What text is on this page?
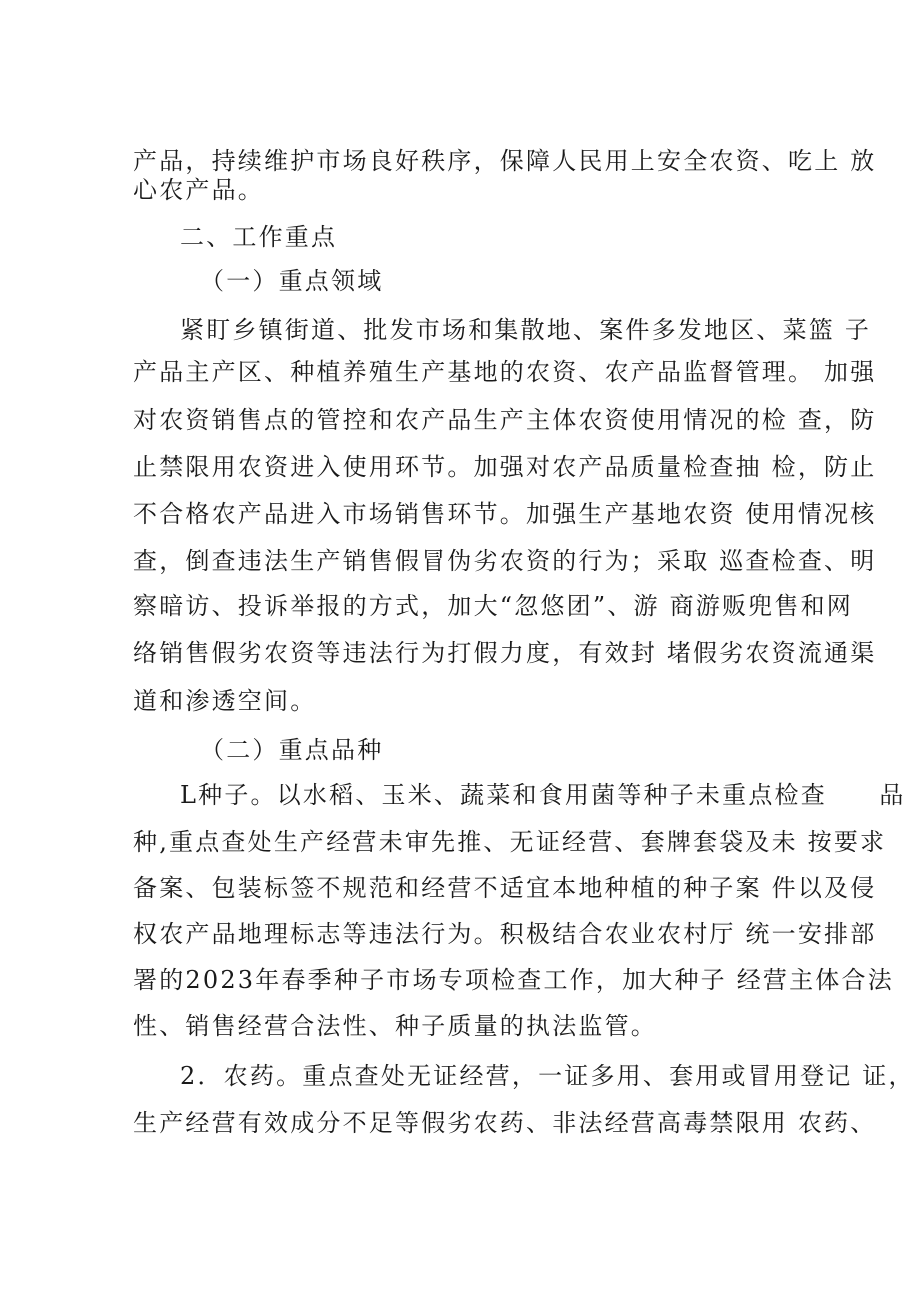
产品，持续维护市场良好秩序，保障人民用上安全农资、吃上 放
心农产品。
二、工作重点
（一）重点领域
紧盯乡镇街道、批发市场和集散地、案件多发地区、菜篮 子
产品主产区、种植养殖生产基地的农资、农产品监督管理。 加强
对农资销售点的管控和农产品生产主体农资使用情况的检 查，防
止禁限用农资进入使用环节。加强对农产品质量检查抽 检，防止
不合格农产品进入市场销售环节。加强生产基地农资 使用情况核
查，倒查违法生产销售假冒伪劣农资的行为；采取 巡查检查、明
察暗访、投诉举报的方式，加大“忽悠团”、游 商游贩兜售和网
络销售假劣农资等违法行为打假力度，有效封 堵假劣农资流通渠
道和渗透空间。
（二）重点品种
L种子。以水稻、玉米、蔬菜和食用菌等种子未重点检查　　品
种,重点查处生产经营未审先推、无证经营、套牌套袋及未 按要求
备案、包装标签不规范和经营不适宜本地种植的种子案 件以及侵
权农产品地理标志等违法行为。积极结合农业农村厅 统一安排部
署的2023年春季种子市场专项检查工作，加大种子 经营主体合法
性、销售经营合法性、种子质量的执法监管。
2．农药。重点查处无证经营，一证多用、套用或冒用登记 证，
生产经营有效成分不足等假劣农药、非法经营高毒禁限用 农药、
